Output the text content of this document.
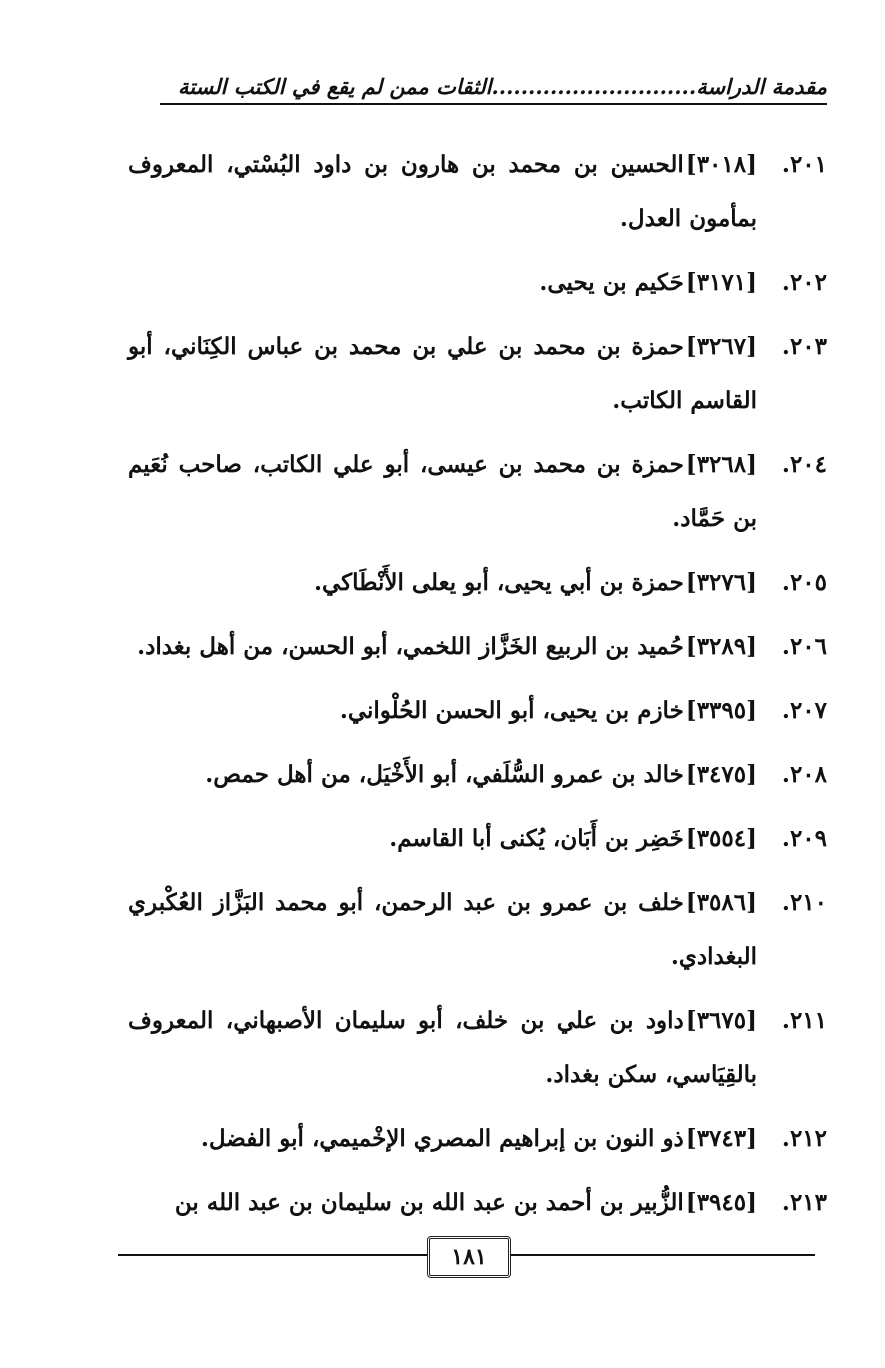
مقدمة الدراسة............................الثقات ممن لم يقع في الكتب الستة
٢٠١.
[٣٠١٨]الحسين بن محمد بن هارون بن داود البُسْتي، المعروف بمأمون العدل.
٢٠٢.
[٣١٧١]حَكيم بن يحيى.
٢٠٣.
[٣٢٦٧]حمزة بن محمد بن علي بن محمد بن عباس الكِنَاني، أبو القاسم الكاتب.
٢٠٤.
[٣٢٦٨]حمزة بن محمد بن عيسى، أبو علي الكاتب، صاحب نُعَيم بن حَمَّاد.
٢٠٥.
[٣٢٧٦]حمزة بن أبي يحيى، أبو يعلى الأَنْطَاكي.
٢٠٦.
[٣٢٨٩]حُميد بن الربيع الخَزَّاز اللخمي، أبو الحسن، من أهل بغداد.
٢٠٧.
[٣٣٩٥]خازم بن يحيى، أبو الحسن الحُلْواني.
٢٠٨.
[٣٤٧٥]خالد بن عمرو السُّلَفي، أبو الأَخْيَل، من أهل حمص.
٢٠٩.
[٣٥٥٤]خَضِر بن أَبَان، يُكنى أبا القاسم.
٢١٠.
[٣٥٨٦]خلف بن عمرو بن عبد الرحمن، أبو محمد البَزَّاز العُكْبري البغدادي.
٢١١.
[٣٦٧٥]داود بن علي بن خلف، أبو سليمان الأصبهاني، المعروف بالقِيَاسي، سكن بغداد.
٢١٢.
[٣٧٤٣]ذو النون بن إبراهيم المصري الإخْميمي، أبو الفضل.
٢١٣.
[٣٩٤٥]الزُّبير بن أحمد بن عبد الله بن سليمان بن عبد الله بن
١٨١
